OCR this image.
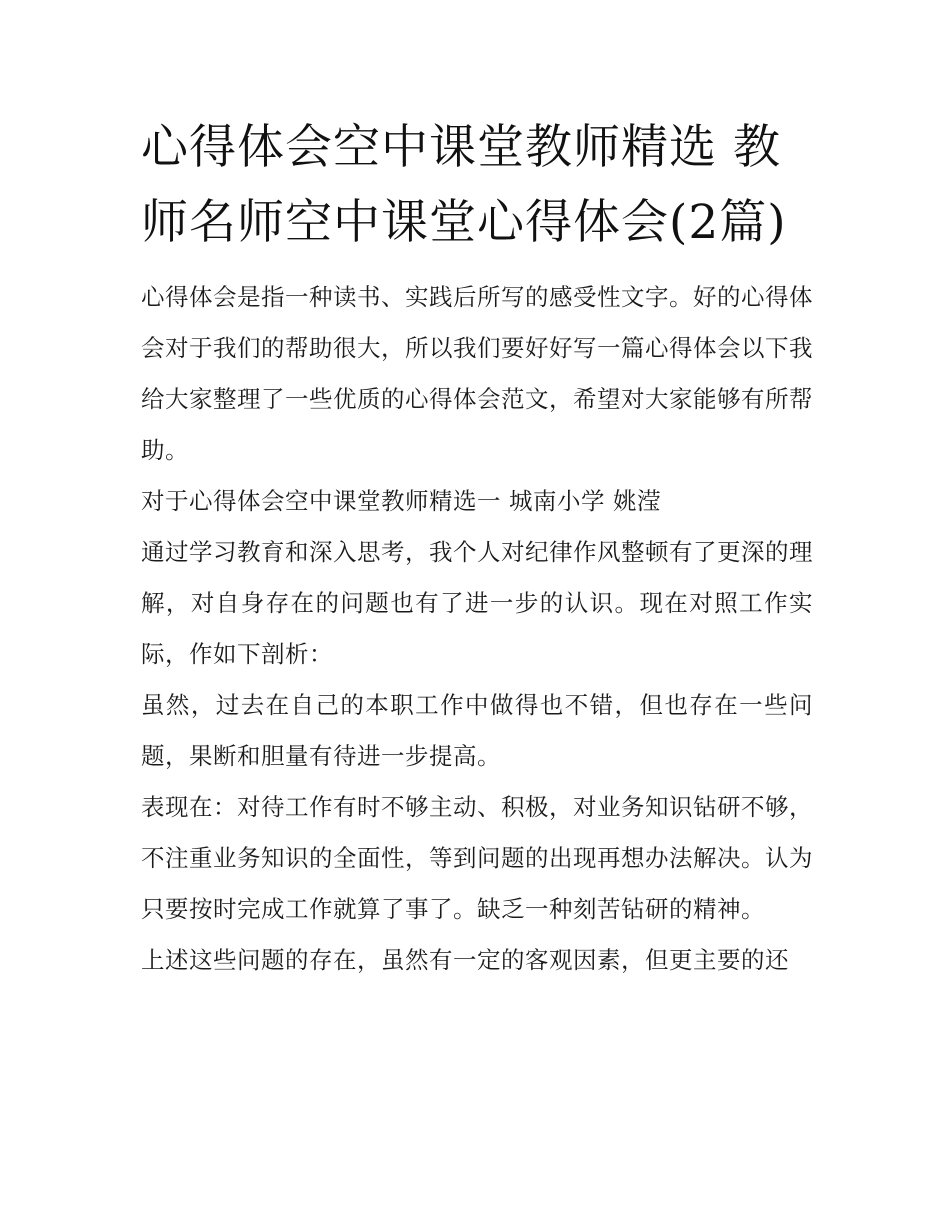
心得体会空中课堂教师精选 教师名师空中课堂心得体会(2篇)

心得体会是指一种读书、实践后所写的感受性文字。好的心得体会对于我们的帮助很大，所以我们要好好写一篇心得体会以下我给大家整理了一些优质的心得体会范文，希望对大家能够有所帮助。

对于心得体会空中课堂教师精选一 城南小学 姚滢

通过学习教育和深入思考，我个人对纪律作风整顿有了更深的理解，对自身存在的问题也有了进一步的认识。现在对照工作实际，作如下剖析：

虽然，过去在自己的本职工作中做得也不错，但也存在一些问题，果断和胆量有待进一步提高。

表现在：对待工作有时不够主动、积极，对业务知识钻研不够，不注重业务知识的全面性，等到问题的出现再想办法解决。认为只要按时完成工作就算了事了。缺乏一种刻苦钻研的精神。

上述这些问题的存在，虽然有一定的客观因素，但更主要的还
